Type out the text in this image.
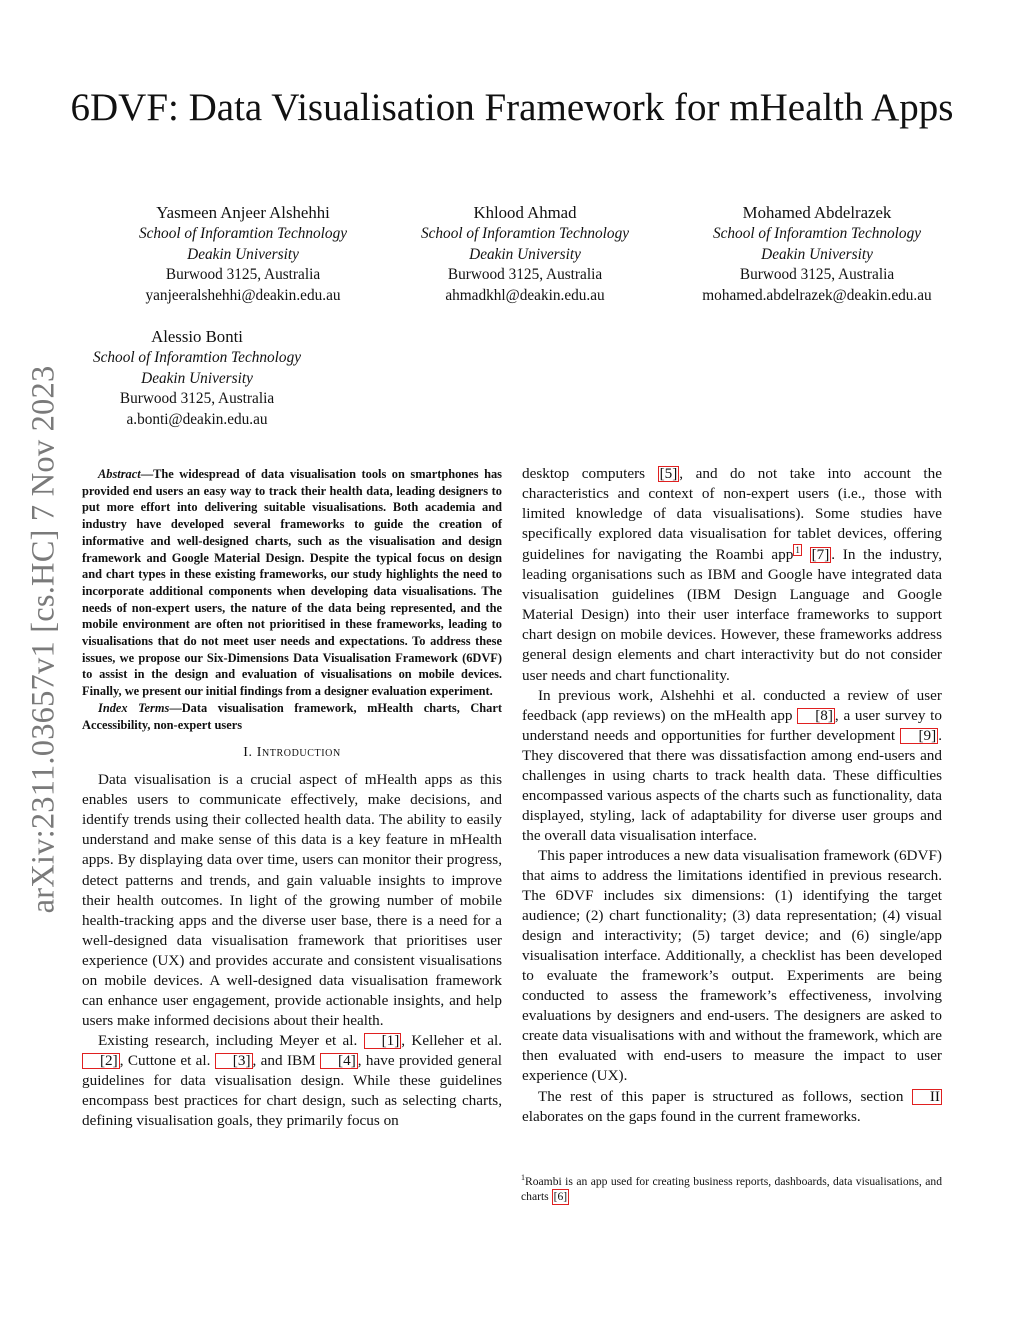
arXiv:2311.03657v1 [cs.HC] 7 Nov 2023
6DVF: Data Visualisation Framework for mHealth Apps
Yasmeen Anjeer Alshehhi
School of Inforamtion Technology
Deakin University
Burwood 3125, Australia
yanjeeralshehhi@deakin.edu.au
Khlood Ahmad
School of Inforamtion Technology
Deakin University
Burwood 3125, Australia
ahmadkhl@deakin.edu.au
Mohamed Abdelrazek
School of Inforamtion Technology
Deakin University
Burwood 3125, Australia
mohamed.abdelrazek@deakin.edu.au
Alessio Bonti
School of Inforamtion Technology
Deakin University
Burwood 3125, Australia
a.bonti@deakin.edu.au

Abstract—The widespread of data visualisation tools on smartphones has provided end users an easy way to track their health data, leading designers to put more effort into delivering suitable visualisations. Both academia and industry have developed several frameworks to guide the creation of informative and well-designed charts, such as the visualisation and design framework and Google Material Design. Despite the typical focus on design and chart types in these existing frameworks, our study highlights the need to incorporate additional components when developing data visualisations. The needs of non-expert users, the nature of the data being represented, and the mobile environment are often not prioritised in these frameworks, leading to visualisations that do not meet user needs and expectations. To address these issues, we propose our Six-Dimensions Data Visualisation Framework (6DVF) to assist in the design and evaluation of visualisations on mobile devices. Finally, we present our initial findings from a designer evaluation experiment.

Index Terms—Data visualisation framework, mHealth charts, Chart Accessibility, non-expert users

I. Introduction

Data visualisation is a crucial aspect of mHealth apps as this enables users to communicate effectively, make decisions, and identify trends using their collected health data. The ability to easily understand and make sense of this data is a key feature in mHealth apps. By displaying data over time, users can monitor their progress, detect patterns and trends, and gain valuable insights to improve their health outcomes. In light of the growing number of mobile health-tracking apps and the diverse user base, there is a need for a well-designed data visualisation framework that prioritises user experience (UX) and provides accurate and consistent visualisations on mobile devices. A well-designed data visualisation framework can enhance user engagement, provide actionable insights, and help users make informed decisions about their health.

Existing research, including Meyer et al. [1] , Kelleher et al. [2] , Cuttone et al. [3] , and IBM [4] , have provided general guidelines for data visualisation design. While these guidelines encompass best practices for chart design, such as selecting charts, defining visualisation goals, they primarily focus on

desktop computers [5] , and do not take into account the characteristics and context of non-expert users (i.e., those with limited knowledge of data visualisations). Some studies have specifically explored data visualisation for tablet devices, offering guidelines for navigating the Roambi app 1 [7] . In the industry, leading organisations such as IBM and Google have integrated data visualisation guidelines (IBM Design Language and Google Material Design) into their user interface frameworks to support chart design on mobile devices. However, these frameworks address general design elements and chart interactivity but do not consider user needs and chart functionality.

In previous work, Alshehhi et al. conducted a review of user feedback (app reviews) on the mHealth app [8] , a user survey to understand needs and opportunities for further development [9] . They discovered that there was dissatisfaction among end-users and challenges in using charts to track health data. These difficulties encompassed various aspects of the charts such as functionality, data displayed, styling, lack of adaptability for diverse user groups and the overall data visualisation interface.

This paper introduces a new data visualisation framework (6DVF) that aims to address the limitations identified in previous research. The 6DVF includes six dimensions: (1) identifying the target audience; (2) chart functionality; (3) data representation; (4) visual design and interactivity; (5) target device; and (6) single/app visualisation interface. Additionally, a checklist has been developed to evaluate the framework’s output. Experiments are being conducted to assess the framework’s effectiveness, involving evaluations by designers and end-users. The designers are asked to create data visualisations with and without the framework, which are then evaluated with end-users to measure the impact to user experience (UX).

The rest of this paper is structured as follows, section II elaborates on the gaps found in the current frameworks.

$^1$Roambi is an app used for creating business reports, dashboards, data visualisations, and charts [6]
